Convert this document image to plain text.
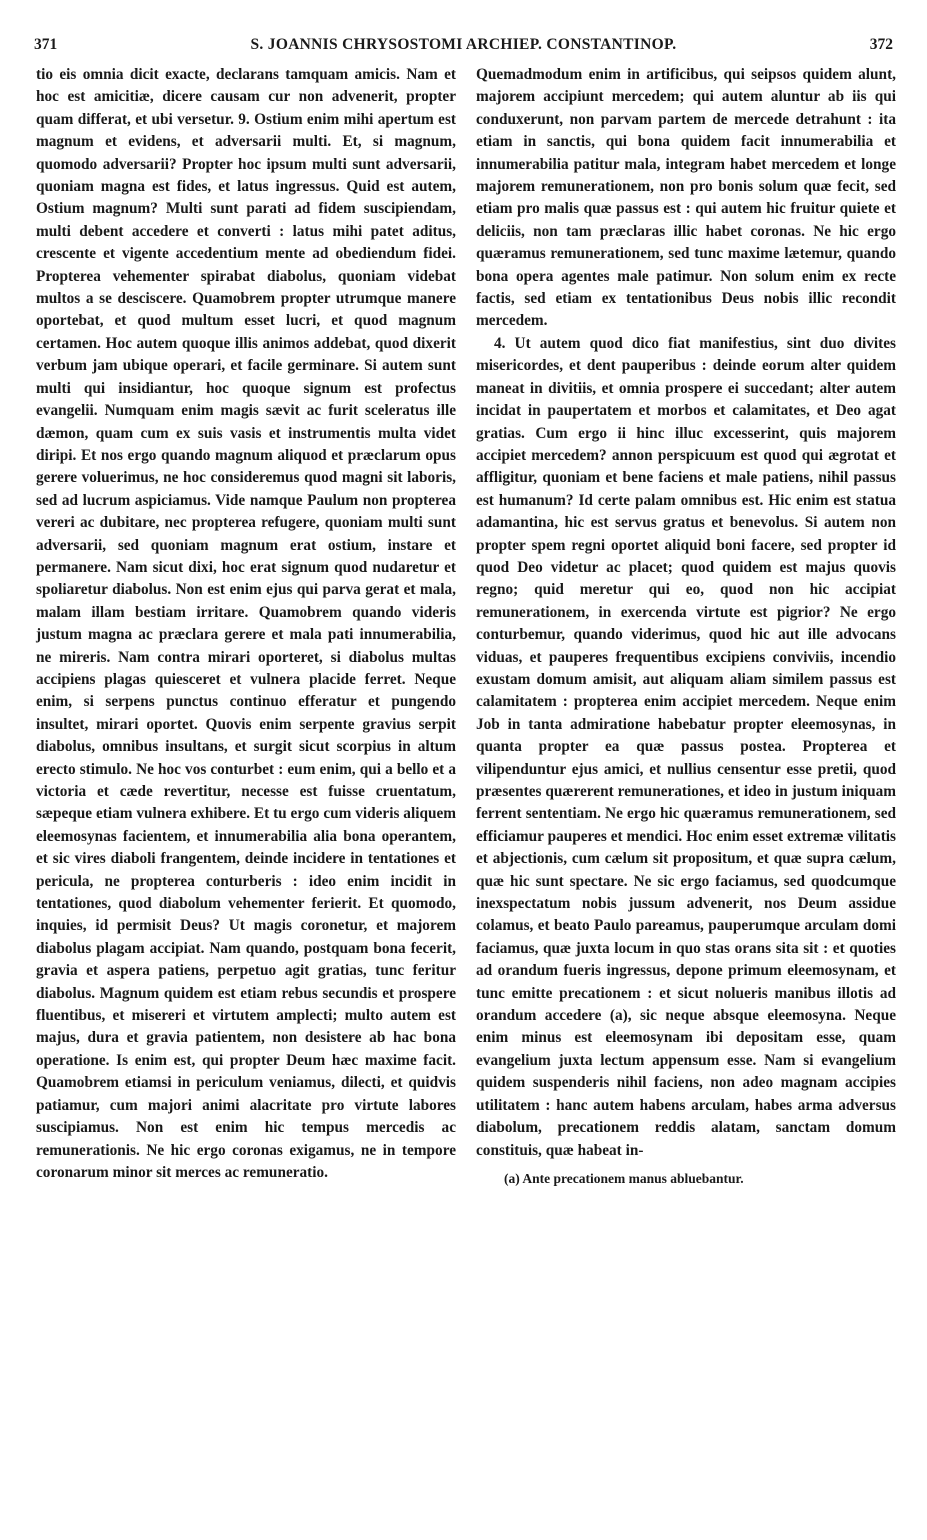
371	S. JOANNIS CHRYSOSTOMI ARCHIEP. CONSTANTINOP.	372

tio eis omnia dicit exacte, declarans tamquam amicis. Nam et hoc est amicitiæ, dicere causam cur non advenerit, propter quam differat, et ubi versetur. 9. Ostium enim mihi apertum est magnum et evidens, et adversarii multi. Et, si magnum, quomodo adversarii? Propter hoc ipsum multi sunt adversarii, quoniam magna est fides, et latus ingressus. Quid est autem, Ostium magnum? Multi sunt parati ad fidem suscipiendam, multi debent accedere et converti : latus mihi patet aditus, crescente et vigente accedentium mente ad obediendum fidei. Propterea vehementer spirabat diabolus, quoniam videbat multos a se desciscere. Quamobrem propter utrumque manere oportebat, et quod multum esset lucri, et quod magnum certamen. Hoc autem quoque illis animos addebat, quod dixerit verbum jam ubique operari, et facile germinare. Si autem sunt multi qui insidiantur, hoc quoque signum est profectus evangelii. Numquam enim magis sævit ac furit sceleratus ille dæmon, quam cum ex suis vasis et instrumentis multa videt diripi. Et nos ergo quando magnum aliquod et præclarum opus gerere voluerimus, ne hoc consideremus quod magni sit laboris, sed ad lucrum aspiciamus. Vide namque Paulum non propterea vereri ac dubitare, nec propterea refugere, quoniam multi sunt adversarii, sed quoniam magnum erat ostium, instare et permanere. Nam sicut dixi, hoc erat signum quod nudaretur et spoliaretur diabolus. Non est enim ejus qui parva gerat et mala, malam illam bestiam irritare. Quamobrem quando videris justum magna ac præclara gerere et mala pati innumerabilia, ne mireris. Nam contra mirari oporteret, si diabolus multas accipiens plagas quiesceret et vulnera placide ferret. Neque enim, si serpens punctus continuo efferatur et pungendo insultet, mirari oportet. Quovis enim serpente gravius serpit diabolus, omnibus insultans, et surgit sicut scorpius in altum erecto stimulo. Ne hoc vos conturbet : eum enim, qui a bello et a victoria et cæde revertitur, necesse est fuisse cruentatum, sæpeque etiam vulnera exhibere. Et tu ergo cum videris aliquem eleemosynas facientem, et innumerabilia alia bona operantem, et sic vires diaboli frangentem, deinde incidere in tentationes et pericula, ne propterea conturberis : ideo enim incidit in tentationes, quod diabolum vehementer ferierit. Et quomodo, inquies, id permisit Deus? Ut magis coronetur, et majorem diabolus plagam accipiat. Nam quando, postquam bona fecerit, gravia et aspera patiens, perpetuo agit gratias, tunc feritur diabolus. Magnum quidem est etiam rebus secundis et prospere fluentibus, et misereri et virtutem amplecti; multo autem est majus, dura et gravia patientem, non desistere ab hac bona operatione. Is enim est, qui propter Deum hæc maxime facit. Quamobrem etiamsi in periculum veniamus, dilecti, et quidvis patiamur, cum majori animi alacritate pro virtute labores suscipiamus. Non est enim hic tempus mercedis ac remunerationis. Ne hic ergo coronas exigamus, ne in tempore coronarum minor sit merces ac remuneratio.

Quemadmodum enim in artificibus, qui seipsos quidem alunt, majorem accipiunt mercedem; qui autem aluntur ab iis qui conduxerunt, non parvam partem de mercede detrahunt : ita etiam in sanctis, qui bona quidem facit innumerabilia et innumerabilia patitur mala, integram habet mercedem et longe majorem remunerationem, non pro bonis solum quæ fecit, sed etiam pro malis quæ passus est : qui autem hic fruitur quiete et deliciis, non tam præclaras illic habet coronas. Ne hic ergo quæramus remunerationem, sed tunc maxime lætemur, quando bona opera agentes male patimur. Non solum enim ex recte factis, sed etiam ex tentationibus Deus nobis illic recondit mercedem.

4. Ut autem quod dico fiat manifestius, sint duo divites misericordes, et dent pauperibus : deinde eorum alter quidem maneat in divitiis, et omnia prospere ei succedant; alter autem incidat in paupertatem et morbos et calamitates, et Deo agat gratias. Cum ergo ii hinc illuc excesserint, quis majorem accipiet mercedem? annon perspicuum est quod qui ægrotat et affligitur, quoniam et bene faciens et male patiens, nihil passus est humanum? Id certe palam omnibus est. Hic enim est statua adamantina, hic est servus gratus et benevolus. Si autem non propter spem regni oportet aliquid boni facere, sed propter id quod Deo videtur ac placet; quod quidem est majus quovis regno; quid meretur qui eo, quod non hic accipiat remunerationem, in exercenda virtute est pigrior? Ne ergo conturbemur, quando viderimus, quod hic aut ille advocans viduas, et pauperes frequentibus excipiens conviviis, incendio exustam domum amisit, aut aliquam aliam similem passus est calamitatem : propterea enim accipiet mercedem. Neque enim Job in tanta admiratione habebatur propter eleemosynas, in quanta propter ea quæ passus postea. Propterea et vilipenduntur ejus amici, et nullius censentur esse pretii, quod præsentes quærerent remunerationes, et ideo in justum iniquam ferrent sententiam. Ne ergo hic quæramus remunerationem, sed efficiamur pauperes et mendici. Hoc enim esset extremæ vilitatis et abjectionis, cum cælum sit propositum, et quæ supra cælum, quæ hic sunt spectare. Ne sic ergo faciamus, sed quodcumque inexspectatum nobis jussum advenerit, nos Deum assidue colamus, et beato Paulo pareamus, pauperumque arculam domi faciamus, quæ juxta locum in quo stas orans sita sit : et quoties ad orandum fueris ingressus, depone primum eleemosynam, et tunc emitte precationem : et sicut nolueris manibus illotis ad orandum accedere (a), sic neque absque eleemosyna. Neque enim minus est eleemosynam ibi depositam esse, quam evangelium juxta lectum appensum esse. Nam si evangelium quidem suspenderis nihil faciens, non adeo magnam accipies utilitatem : hanc autem habens arculam, habes arma adversus diabolum, precationem reddis alatam, sanctam domum constituis, quæ habeat in-

(a) Ante precationem manus abluebantur.
